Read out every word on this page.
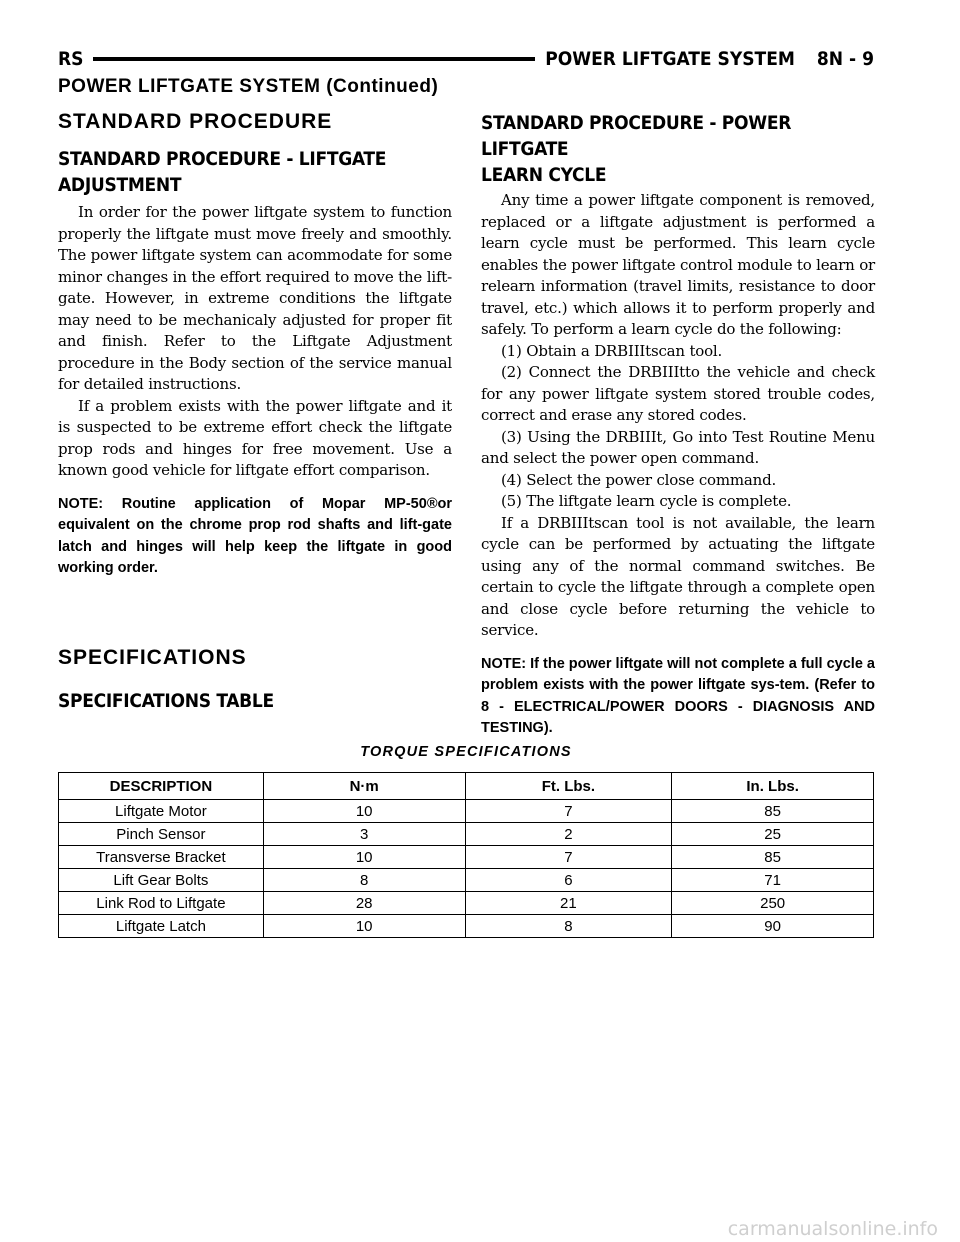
RS	POWER LIFTGATE SYSTEM 8N - 9
POWER LIFTGATE SYSTEM (Continued)
STANDARD PROCEDURE
STANDARD PROCEDURE - LIFTGATE
ADJUSTMENT

In order for the power liftgate system to function properly the liftgate must move freely and smoothly. The power liftgate system can acommodate for some minor changes in the effort required to move the lift-gate. However, in extreme conditions the liftgate may need to be mechanicaly adjusted for proper fit and finish. Refer to the Liftgate Adjustment procedure in the Body section of the service manual for detailed instructions.

If a problem exists with the power liftgate and it is suspected to be extreme effort check the liftgate prop rods and hinges for free movement. Use a known good vehicle for liftgate effort comparison.

NOTE: Routine application of Mopar MP-50®or equivalent on the chrome prop rod shafts and lift-gate latch and hinges will help keep the liftgate in good working order.

STANDARD PROCEDURE - POWER LIFTGATE
LEARN CYCLE

Any time a power liftgate component is removed, replaced or a liftgate adjustment is performed a learn cycle must be performed. This learn cycle enables the power liftgate control module to learn or relearn information (travel limits, resistance to door travel, etc.) which allows it to perform properly and safely. To perform a learn cycle do the following:

(1) Obtain a DRBIIItscan tool.

(2) Connect the DRBIIItto the vehicle and check for any power liftgate system stored trouble codes, correct and erase any stored codes.

(3) Using the DRBIIIt, Go into Test Routine Menu and select the power open command.

(4) Select the power close command.

(5) The liftgate learn cycle is complete.

If a DRBIIItscan tool is not available, the learn cycle can be performed by actuating the liftgate using any of the normal command switches. Be certain to cycle the liftgate through a complete open and close cycle before returning the vehicle to service.

NOTE: If the power liftgate will not complete a full cycle a problem exists with the power liftgate sys-tem. (Refer to 8 - ELECTRICAL/POWER DOORS - DIAGNOSIS AND TESTING).

SPECIFICATIONS
SPECIFICATIONS TABLE
TORQUE SPECIFICATIONS
DESCRIPTION	N·m	Ft. Lbs.	In. Lbs.
Liftgate Motor	10	7	85
Pinch Sensor	3	2	25
Transverse Bracket	10	7	85
Lift Gear Bolts	8	6	71
Link Rod to Liftgate	28	21	250
Liftgate Latch	10	8	90
carmanualsonline.info
